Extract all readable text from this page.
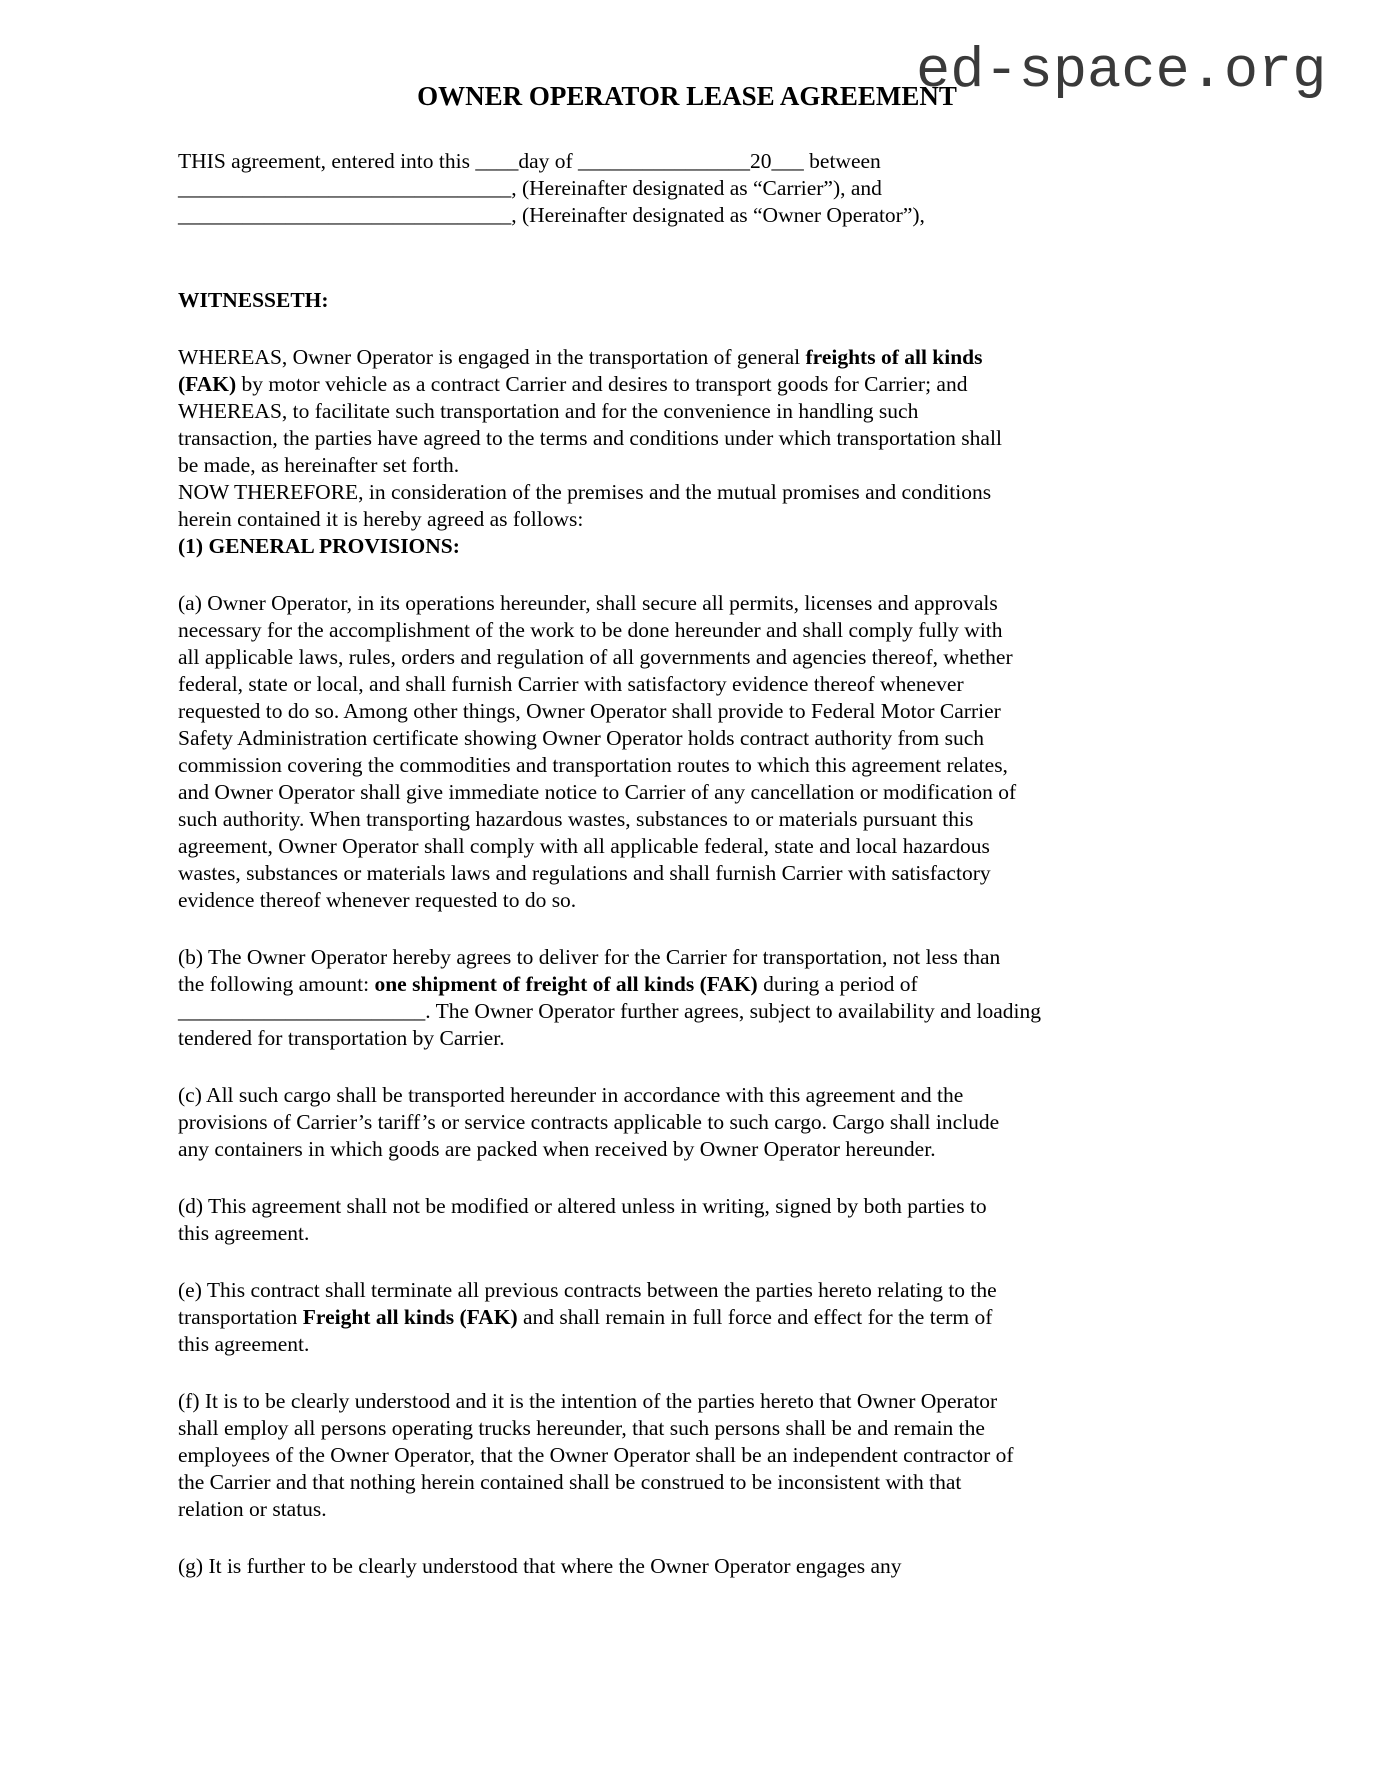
ed-space.org
OWNER OPERATOR LEASE AGREEMENT
THIS agreement, entered into this ____day of ________________20___ between
_______________________________, (Hereinafter designated as “Carrier”), and
_______________________________, (Hereinafter designated as “Owner Operator”),
WITNESSETH:
WHEREAS, Owner Operator is engaged in the transportation of general freights of all kinds
(FAK) by motor vehicle as a contract Carrier and desires to transport goods for Carrier; and
WHEREAS, to facilitate such transportation and for the convenience in handling such
transaction, the parties have agreed to the terms and conditions under which transportation shall
be made, as hereinafter set forth.
NOW THEREFORE, in consideration of the premises and the mutual promises and conditions
herein contained it is hereby agreed as follows:
(1) GENERAL PROVISIONS:
(a) Owner Operator, in its operations hereunder, shall secure all permits, licenses and approvals
necessary for the accomplishment of the work to be done hereunder and shall comply fully with
all applicable laws, rules, orders and regulation of all governments and agencies thereof, whether
federal, state or local, and shall furnish Carrier with satisfactory evidence thereof whenever
requested to do so. Among other things, Owner Operator shall provide to Federal Motor Carrier
Safety Administration certificate showing Owner Operator holds contract authority from such
commission covering the commodities and transportation routes to which this agreement relates,
and Owner Operator shall give immediate notice to Carrier of any cancellation or modification of
such authority. When transporting hazardous wastes, substances to or materials pursuant this
agreement, Owner Operator shall comply with all applicable federal, state and local hazardous
wastes, substances or materials laws and regulations and shall furnish Carrier with satisfactory
evidence thereof whenever requested to do so.
(b) The Owner Operator hereby agrees to deliver for the Carrier for transportation, not less than
the following amount: one shipment of freight of all kinds (FAK) during a period of
_______________________. The Owner Operator further agrees, subject to availability and loading
tendered for transportation by Carrier.
(c) All such cargo shall be transported hereunder in accordance with this agreement and the
provisions of Carrier’s tariff’s or service contracts applicable to such cargo. Cargo shall include
any containers in which goods are packed when received by Owner Operator hereunder.
(d) This agreement shall not be modified or altered unless in writing, signed by both parties to
this agreement.
(e) This contract shall terminate all previous contracts between the parties hereto relating to the
transportation Freight all kinds (FAK) and shall remain in full force and effect for the term of
this agreement.
(f) It is to be clearly understood and it is the intention of the parties hereto that Owner Operator
shall employ all persons operating trucks hereunder, that such persons shall be and remain the
employees of the Owner Operator, that the Owner Operator shall be an independent contractor of
the Carrier and that nothing herein contained shall be construed to be inconsistent with that
relation or status.
(g) It is further to be clearly understood that where the Owner Operator engages any
